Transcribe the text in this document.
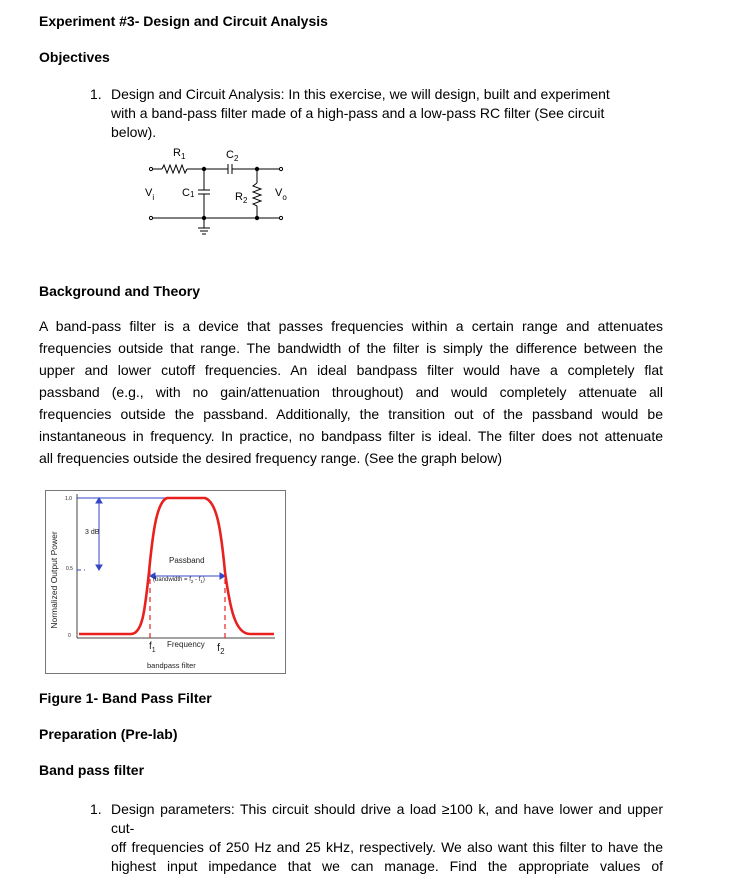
Experiment #3- Design and Circuit Analysis
Objectives
1. Design and Circuit Analysis: In this exercise, we will design, built and experiment
with a band-pass filter made of a high-pass and a low-pass RC filter (See circuit
below).
$R_1$	$C_2$
$V_i$	C1	$R_2$
$V_o$
Background and Theory
A band-pass filter is a device that passes frequencies within a certain range and attenuates
frequencies outside that range. The bandwidth of the filter is simply the difference between the
upper and lower cutoff frequencies. An ideal bandpass filter would have a completely flat
passband (e.g., with no gain/attenuation throughout) and would completely attenuate all
frequencies outside the passband. Additionally, the transition out of the passband would be
instantaneous in frequency. In practice, no bandpass filter is ideal. The filter does not attenuate
all frequencies outside the desired frequency range. (See the graph below)
Normalized Output Power
1.0
0.5
0
3 dB
Passband
(bandwidth = $f_2 - f_1$)
$f_1$
Frequency $f_2$
bandpass filter
Figure 1- Band Pass Filter
Preparation (Pre-lab)
Band pass filter
1. Design parameters: This circuit should drive a load ≥100 k, and have lower and upper cut-
off frequencies of 250 Hz and 25 kHz, respectively. We also want this filter to have the
highest input impedance that we can manage. Find the appropriate values of
